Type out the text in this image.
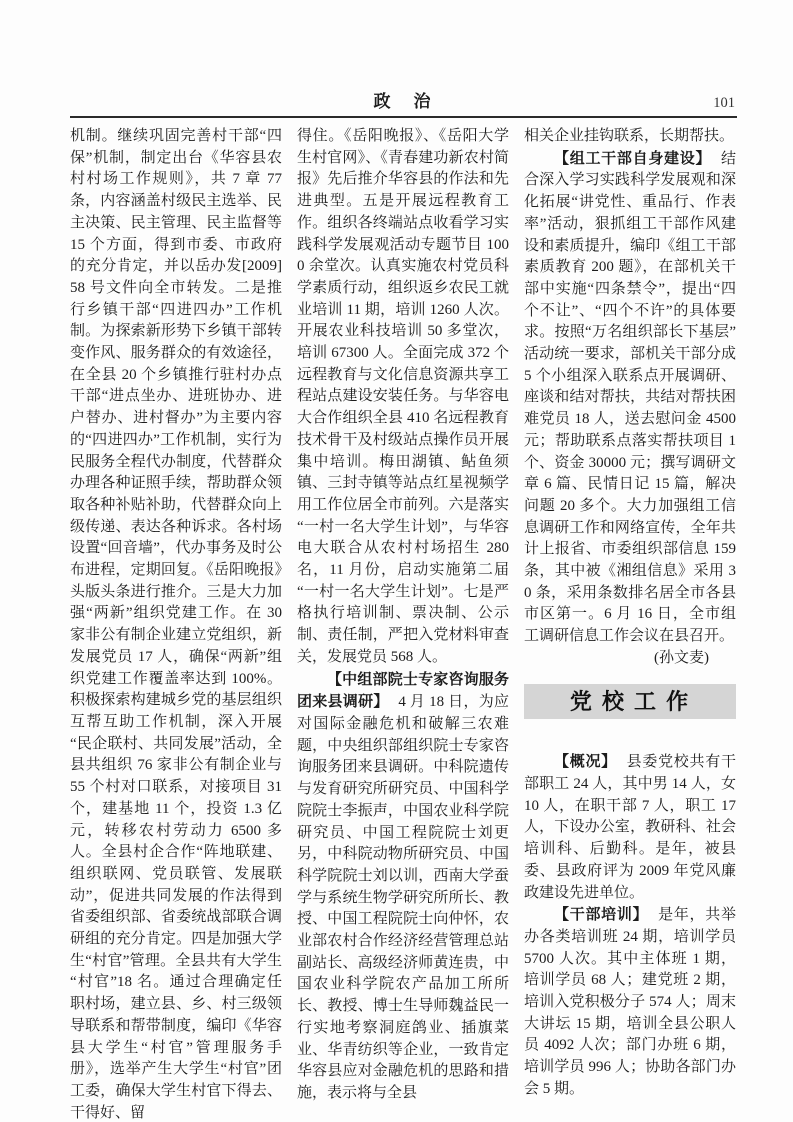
政　治	101

机制。继续巩固完善村干部“四保”机制，制定出台《华容县农村村场工作规则》，共 7 章 77 条，内容涵盖村级民主选举、民主决策、民主管理、民主监督等 15 个方面，得到市委、市政府的充分肯定，并以岳办发[2009]58 号文件向全市转发。二是推行乡镇干部“四进四办”工作机制。为探索新形势下乡镇干部转变作风、服务群众的有效途径，在全县 20 个乡镇推行驻村办点干部“进点坐办、进班协办、进户替办、进村督办”为主要内容的“四进四办”工作机制，实行为民服务全程代办制度，代替群众办理各种证照手续，帮助群众领取各种补贴补助，代替群众向上级传递、表达各种诉求。各村场设置“回音墙”，代办事务及时公布进程，定期回复。《岳阳晚报》头版头条进行推介。三是大力加强“两新”组织党建工作。在 30 家非公有制企业建立党组织，新发展党员 17 人，确保“两新”组织党建工作覆盖率达到 100%。积极探索构建城乡党的基层组织互帮互助工作机制，深入开展“民企联村、共同发展”活动，全县共组织 76 家非公有制企业与 55 个村对口联系，对接项目 31 个，建基地 11 个，投资 1.3 亿元，转移农村劳动力 6500 多人。全县村企合作“阵地联建、组织联网、党员联管、发展联动”，促进共同发展的作法得到省委组织部、省委统战部联合调研组的充分肯定。四是加强大学生“村官”管理。全县共有大学生“村官”18 名。通过合理确定任职村场，建立县、乡、村三级领导联系和帮带制度，编印《华容县大学生“村官”管理服务手册》，选举产生大学生“村官”团工委，确保大学生村官下得去、干得好、留

得住。《岳阳晚报》、《岳阳大学生村官网》、《青春建功新农村简报》先后推介华容县的作法和先进典型。五是开展远程教育工作。组织各终端站点收看学习实践科学发展观活动专题节目 1000 余堂次。认真实施农村党员科学素质行动，组织返乡农民工就业培训 11 期，培训 1260 人次。开展农业科技培训 50 多堂次，培训 67300 人。全面完成 372 个远程教育与文化信息资源共享工程站点建设安装任务。与华容电大合作组织全县 410 名远程教育技术骨干及村级站点操作员开展集中培训。梅田湖镇、鲇鱼须镇、三封寺镇等站点红星视频学用工作位居全市前列。六是落实“一村一名大学生计划”，与华容电大联合从农村村场招生 280 名，11 月份，启动实施第二届“一村一名大学生计划”。七是严格执行培训制、票决制、公示制、责任制，严把入党材料审查关，发展党员 568 人。

【中组部院士专家咨询服务团来县调研】 4 月 18 日，为应对国际金融危机和破解三农难题，中央组织部组织院士专家咨询服务团来县调研。中科院遗传与发育研究所研究员、中国科学院院士李振声，中国农业科学院研究员、中国工程院院士刘更另，中科院动物所研究员、中国科学院院士刘以训，西南大学蚕学与系统生物学研究所所长、教授、中国工程院院士向仲怀，农业部农村合作经济经营管理总站副站长、高级经济师黄连贵，中国农业科学院农产品加工所所长、教授、博士生导师魏益民一行实地考察洞庭鸽业、插旗菜业、华青纺织等企业，一致肯定华容县应对金融危机的思路和措施，表示将与全县

相关企业挂钩联系，长期帮扶。

【组工干部自身建设】 结合深入学习实践科学发展观和深化拓展“讲党性、重品行、作表率”活动，狠抓组工干部作风建设和素质提升，编印《组工干部素质教育 200 题》，在部机关干部中实施“四条禁令”，提出“四个不让”、“四个不许”的具体要求。按照“万名组织部长下基层”活动统一要求，部机关干部分成 5 个小组深入联系点开展调研、座谈和结对帮扶，共结对帮扶困难党员 18 人，送去慰问金 4500 元；帮助联系点落实帮扶项目 1 个、资金 30000 元；撰写调研文章 6 篇、民情日记 15 篇，解决问题 20 多个。大力加强组工信息调研工作和网络宣传，全年共计上报省、市委组织部信息 159 条，其中被《湘组信息》采用 30 条，采用条数排名居全市各县市区第一。6 月 16 日，全市组工调研信息工作会议在县召开。

(孙文麦)

党 校 工 作

【概况】 县委党校共有干部职工 24 人，其中男 14 人，女 10 人，在职干部 7 人，职工 17 人，下设办公室，教研科、社会培训科、后勤科。是年，被县委、县政府评为 2009 年党风廉政建设先进单位。

【干部培训】 是年，共举办各类培训班 24 期，培训学员 5700 人次。其中主体班 1 期，培训学员 68 人；建党班 2 期，培训入党积极分子 574 人；周末大讲坛 15 期，培训全县公职人员 4092 人次；部门办班 6 期，培训学员 996 人；协助各部门办会 5 期。
